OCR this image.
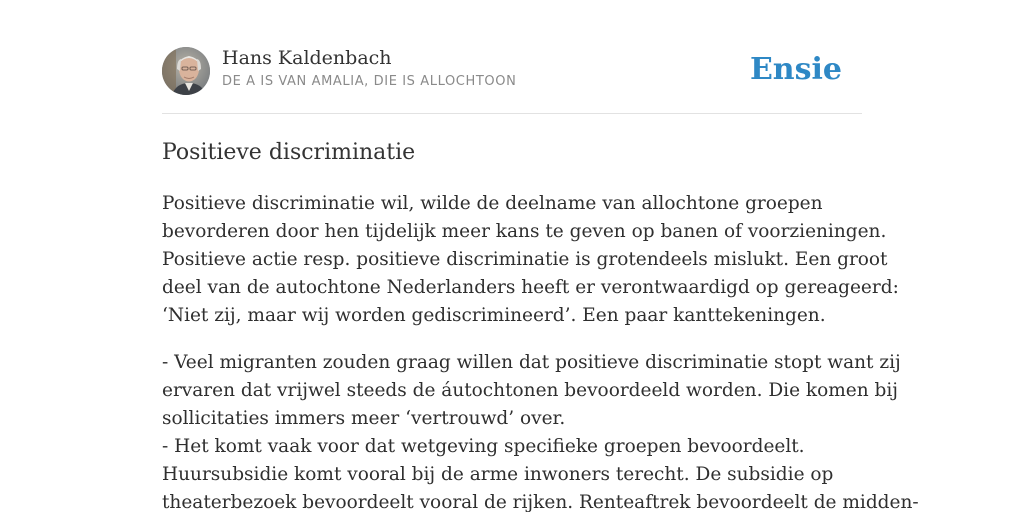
Hans Kaldenbach
DE A IS VAN AMALIA, DIE IS ALLOCHTOON	Ensie
Positieve discriminatie

Positieve discriminatie wil, wilde de deelname van allochtone groepen
bevorderen door hen tijdelijk meer kans te geven op banen of voorzieningen.
Positieve actie resp. positieve discriminatie is grotendeels mislukt. Een groot
deel van de autochtone Nederlanders heeft er verontwaardigd op gereageerd:
‘Niet zij, maar wij worden gediscrimineerd’. Een paar kanttekeningen.

- Veel migranten zouden graag willen dat positieve discriminatie stopt want zij
ervaren dat vrijwel steeds de áutochtonen bevoordeeld worden. Die komen bij
sollicitaties immers meer ‘vertrouwd’ over.
- Het komt vaak voor dat wetgeving specifieke groepen bevoordeelt.
Huursubsidie komt vooral bij de arme inwoners terecht. De subsidie op
theaterbezoek bevoordeelt vooral de rijken. Renteaftrek bevoordeelt de midden-
